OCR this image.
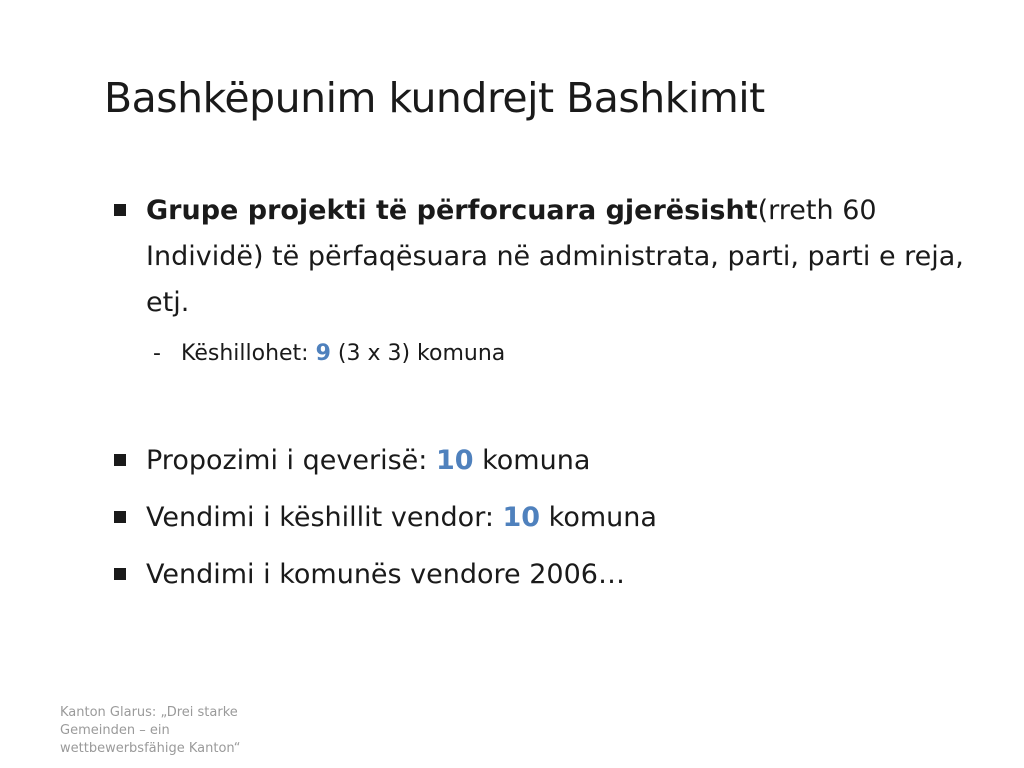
Bashkëpunim kundrejt Bashkimit
Grupe projekti të përforcuara gjerësisht(rreth 60 Individë) të përfaqësuara në administrata, parti, parti e reja, etj.
- Këshillohet: 9 (3 x 3) komuna
Propozimi i qeverisë: 10 komuna
Vendimi i këshillit vendor: 10 komuna
Vendimi i komunës vendore 2006…
Kanton Glarus: „Drei starke Gemeinden – ein wettbewerbsfähige Kanton“
